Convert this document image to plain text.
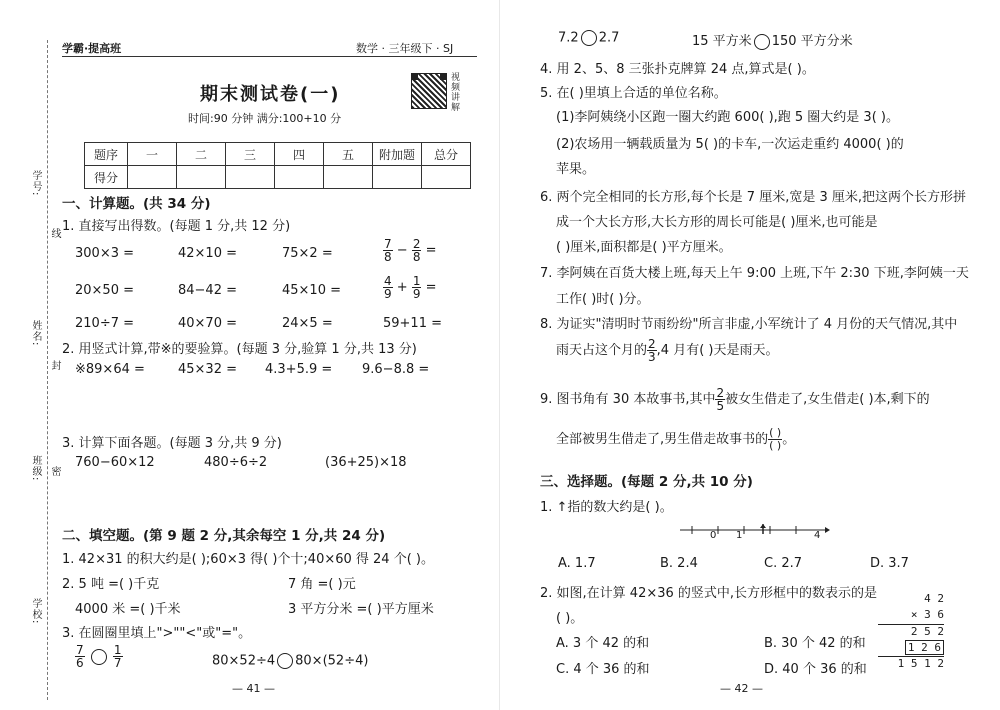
学号:
线
姓名:
封
班级: 密
学校:
学霸·提高班	数学 · 三年级下 · SJ
期末测试卷(一)	视频讲解
时间:90 分钟 满分:100+10 分
题序	一	二	三	四	五	附加题	总分
得分							
一、计算题。(共 34 分)
1. 直接写出得数。(每题 1 分,共 12 分)
300×3 =	42×10 =	75×2 =	$\frac{7}{8} - \frac{2}{8}$ =
20×50 =	84−42 =	45×10 =	$\frac{4}{9} + \frac{1}{9}$ =
210÷7 =	40×70 =	24×5 =	59+11 =
2. 用竖式计算,带※的要验算。(每题 3 分,验算 1 分,共 13 分)
※89×64 =	45×32 = 4.3+5.9 = 9.6−8.8 =
3. 计算下面各题。(每题 3 分,共 9 分)
760−60×12	480÷6÷2	(36+25)×18
二、填空题。(第 9 题 2 分,其余每空 1 分,共 24 分)
1. 42×31 的积大约是( );60×3 得( )个十;40×60 得 24 个( )。
2. 5 吨 =( )千克	7 角 =( )元
4000 米 =( )千米	3 平方分米 =( )平方厘米
3. 在圆圈里填上">""<"或"="。
$\frac{7}{6}$
$\frac{1}{7}$	80×52÷4 80×(52÷4)
— 41 —
7.2 2.7	15 平方米 150 平方分米
4. 用 2、5、8 三张扑克牌算 24 点,算式是( )。
5. 在( )里填上合适的单位名称。
(1)李阿姨绕小区跑一圈大约跑 600( ),跑 5 圈大约是 3( )。
(2)农场用一辆载质量为 5( )的卡车,一次运走重约 4000( )的
苹果。
6. 两个完全相同的长方形,每个长是 7 厘米,宽是 3 厘米,把这两个长方形拼
成一个大长方形,大长方形的周长可能是( )厘米,也可能是
( )厘米,面积都是( )平方厘米。
7. 李阿姨在百货大楼上班,每天上午 9:00 上班,下午 2:30 下班,李阿姨一天
工作( )时( )分。
8. 为证实"清明时节雨纷纷"所言非虚,小军统计了 4 月份的天气情况,其中
雨天占这个月的 $\frac{2}{3} ,4$ 月有( )天是雨天。
9. 图书角有 30 本故事书,其中 $\frac{2}{5}$ 被女生借走了,女生借走( )本,剩下的
全部被男生借走了,男生借走故事书的 $\frac{( )}{( )}$ 。
三、选择题。(每题 2 分,共 10 分)
1. ↑指的数大约是( )。
0 1	4
A. 1.7	B. 2.4	C. 2.7	D. 3.7
2. 如图,在计算 42×36 的竖式中,长方形框中的数表示的是
( )。
A. 3 个 42 的和	B. 30 个 42 的和
C. 4 个 36 的和	D. 40 个 36 的和
4 2
× 3 6
2 5 2
1 2 6
1 5 1 2
— 42 —
